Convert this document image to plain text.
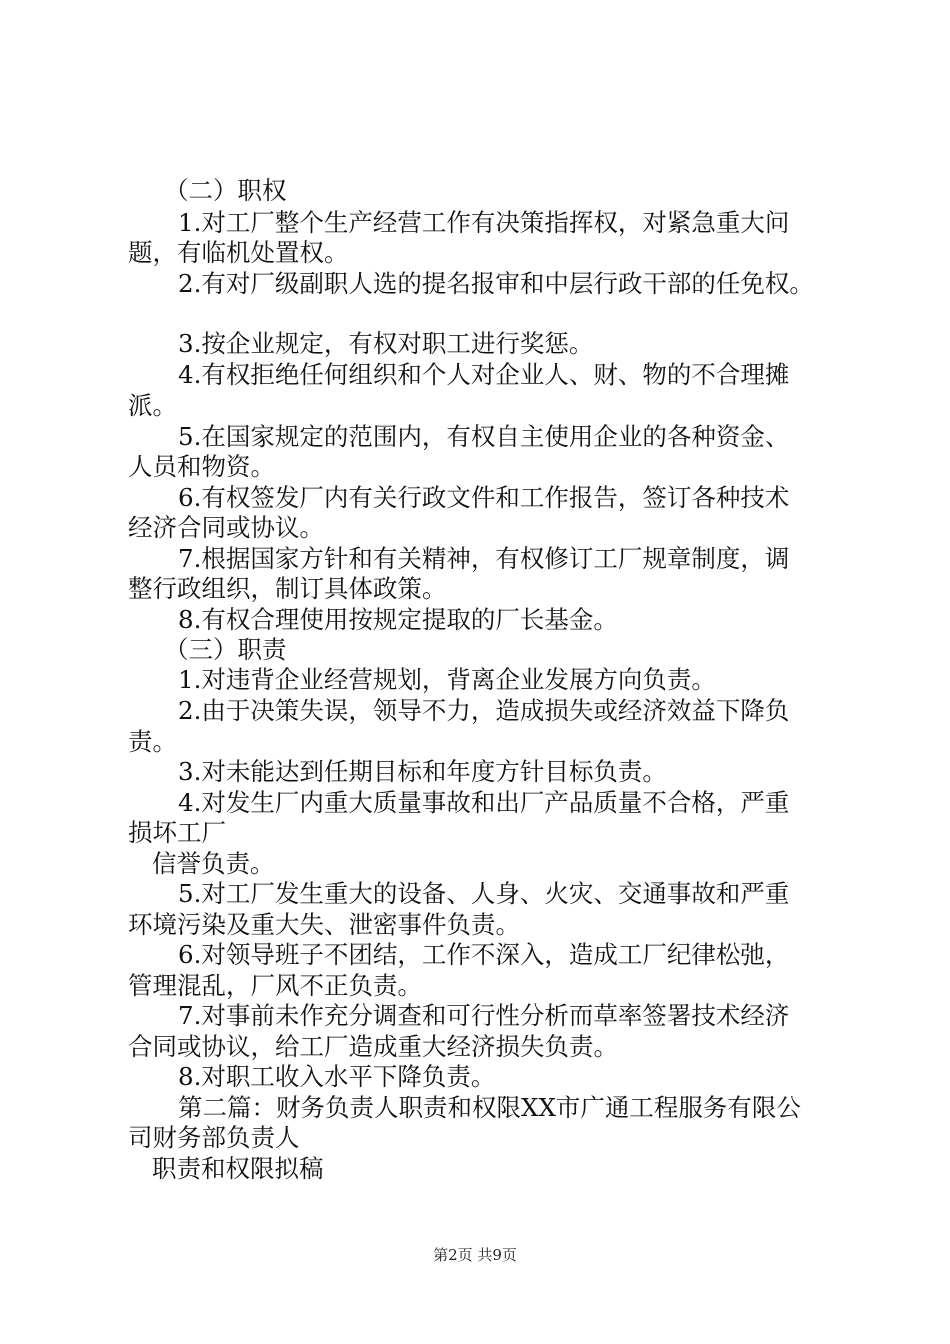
（二）职权
1.对工厂整个生产经营工作有决策指挥权，对紧急重大问
题，有临机处置权。
2.有对厂级副职人选的提名报审和中层行政干部的任免权。
3.按企业规定，有权对职工进行奖惩。
4.有权拒绝任何组织和个人对企业人、财、物的不合理摊
派。
5.在国家规定的范围内，有权自主使用企业的各种资金、
人员和物资。
6.有权签发厂内有关行政文件和工作报告，签订各种技术
经济合同或协议。
7.根据国家方针和有关精神，有权修订工厂规章制度，调
整行政组织，制订具体政策。
8.有权合理使用按规定提取的厂长基金。
（三）职责
1.对违背企业经营规划，背离企业发展方向负责。
2.由于决策失误，领导不力，造成损失或经济效益下降负
责。
3.对未能达到任期目标和年度方针目标负责。
4.对发生厂内重大质量事故和出厂产品质量不合格，严重
损坏工厂
信誉负责。
5.对工厂发生重大的设备、人身、火灾、交通事故和严重
环境污染及重大失、泄密事件负责。
6.对领导班子不团结，工作不深入，造成工厂纪律松弛，
管理混乱，厂风不正负责。
7.对事前未作充分调查和可行性分析而草率签署技术经济
合同或协议，给工厂造成重大经济损失负责。
8.对职工收入水平下降负责。
第二篇：财务负责人职责和权限XX市广通工程服务有限公
司财务部负责人
职责和权限拟稿
第2页 共9页
